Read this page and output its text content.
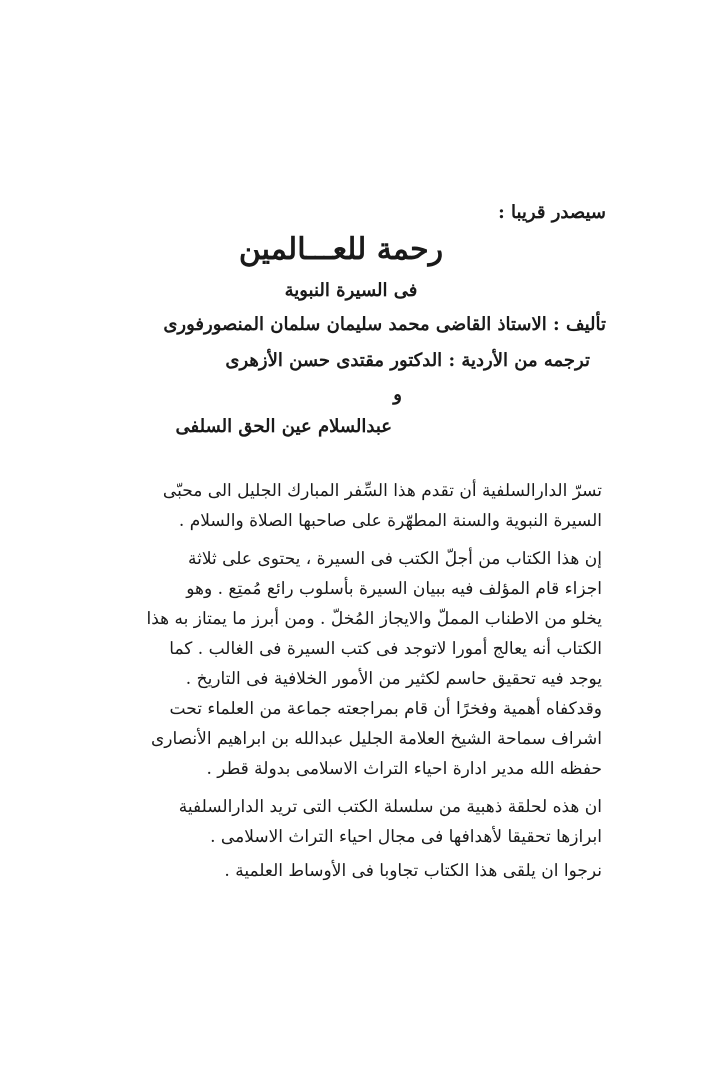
سيصدر قريبا :
رحمة للعـــالمين
فى السيرة النبوية
تأليف : الاستاذ القاضى محمد سليمان سلمان المنصورفورى
ترجمه من الأردية : الدكتور مقتدى حسن الأزهرى
و
عبدالسلام عين الحق السلفى
تسرّ الدارالسلفية أن تقدم هذا السِّفر المبارك الجليل الى محبّى
السيرة النبوية والسنة المطهّرة على صاحبها الصلاة والسلام .
إن هذا الكتاب من أجلّ الكتب فى السيرة ، يحتوى على ثلاثة
اجزاء قام المؤلف فيه ببيان السيرة بأسلوب رائع مُمتِع . وهو
يخلو من الاطناب المملّ والايجاز المُخلّ . ومن أبرز ما يمتاز به هذا
الكتاب أنه يعالج أمورا لاتوجد فى كتب السيرة فى الغالب . كما
يوجد فيه تحقيق حاسم لكثير من الأمور الخلافية فى التاريخ .
وقدكفاه أهمية وفخرًا أن قام بمراجعته جماعة من العلماء تحت
اشراف سماحة الشيخ العلامة الجليل عبدالله بن ابراهيم الأنصارى
حفظه الله مدير ادارة احياء التراث الاسلامى بدولة قطر .
ان هذه لحلقة ذهبية من سلسلة الكتب التى تريد الدارالسلفية
ابرازها تحقيقا لأهدافها فى مجال احياء التراث الاسلامى .
نرجوا ان يلقى هذا الكتاب تجاوبا فى الأوساط العلمية .
